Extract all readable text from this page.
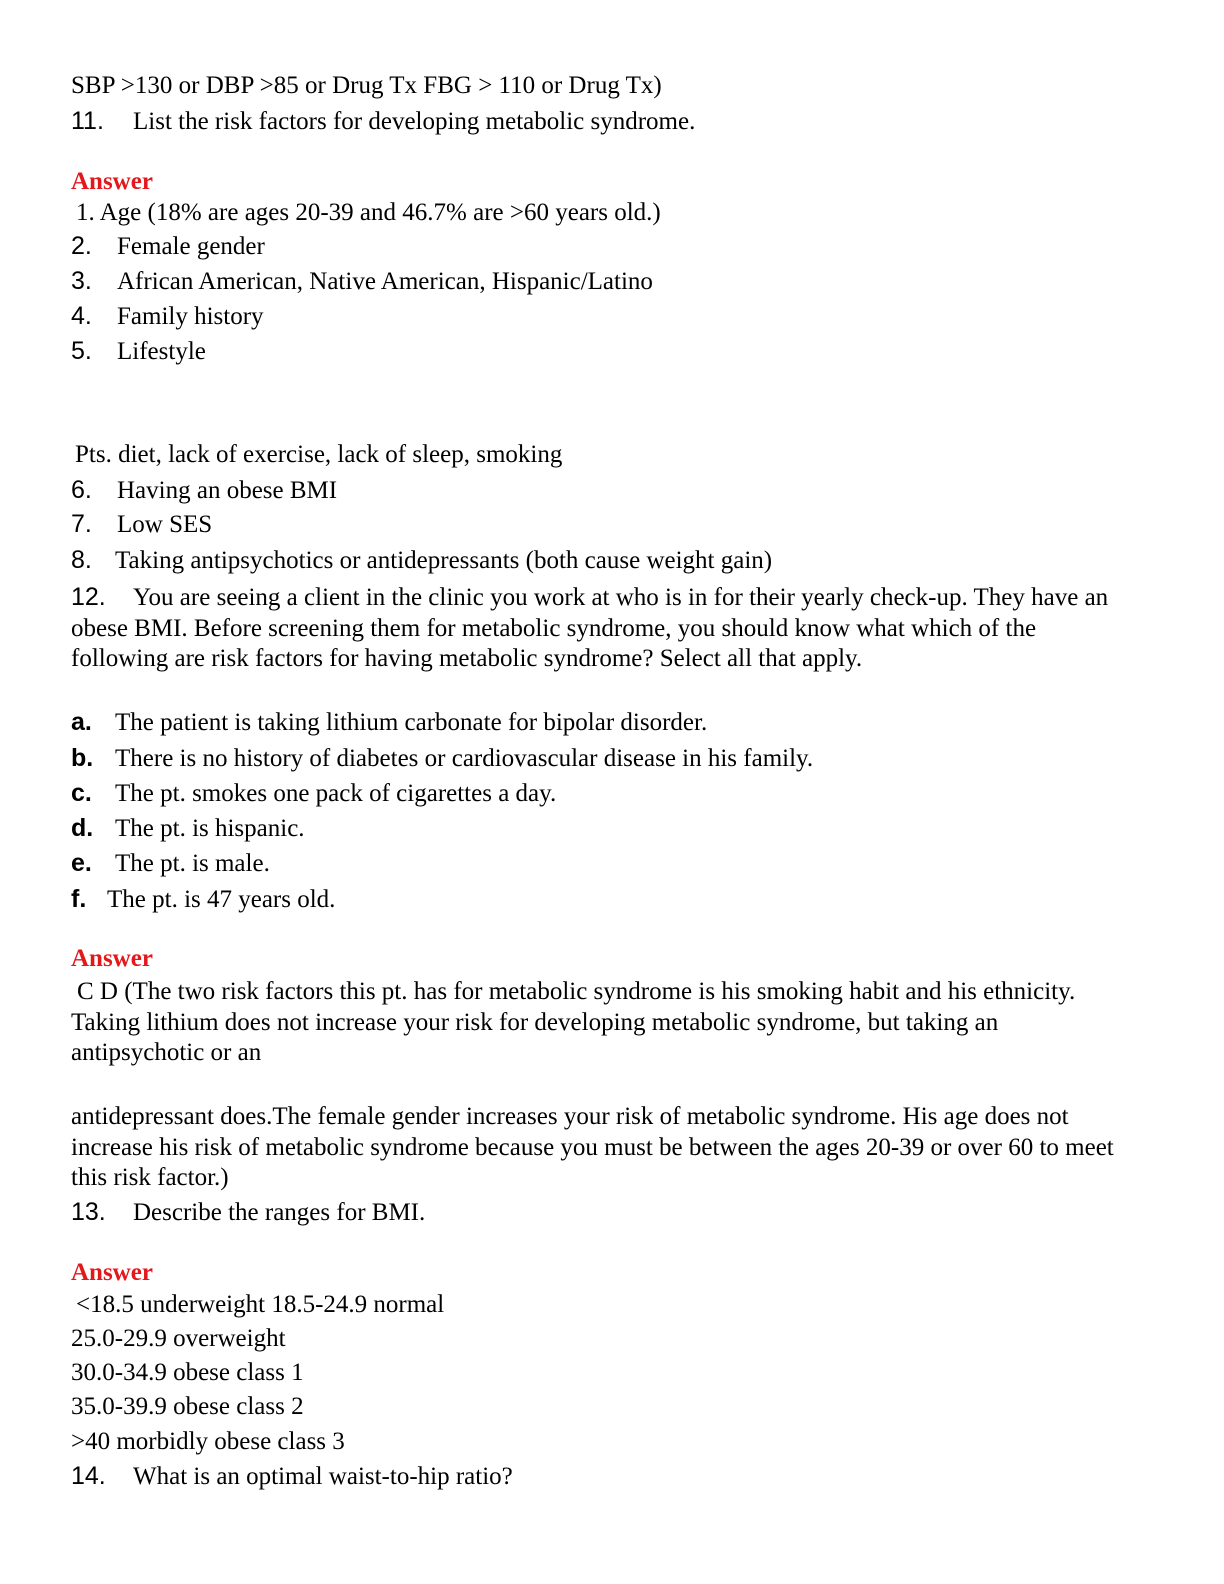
SBP >130 or DBP >85 or Drug Tx FBG > 110 or Drug Tx)
11. List the risk factors for developing metabolic syndrome.
Answer
1. Age (18% are ages 20-39 and 46.7% are >60 years old.)
2. Female gender
3. African American, Native American, Hispanic/Latino
4. Family history
5. Lifestyle
Pts. diet, lack of exercise, lack of sleep, smoking
6. Having an obese BMI
7. Low SES
8. Taking antipsychotics or antidepressants (both cause weight gain)
12. You are seeing a client in the clinic you work at who is in for their yearly check-up. They have an obese BMI. Before screening them for metabolic syndrome, you should know what which of the following are risk factors for having metabolic syndrome? Select all that apply.
a. The patient is taking lithium carbonate for bipolar disorder.
b. There is no history of diabetes or cardiovascular disease in his family.
c. The pt. smokes one pack of cigarettes a day.
d. The pt. is hispanic.
e. The pt. is male.
f. The pt. is 47 years old.
Answer
C D (The two risk factors this pt. has for metabolic syndrome is his smoking habit and his ethnicity. Taking lithium does not increase your risk for developing metabolic syndrome, but taking an antipsychotic or an
antidepressant does.The female gender increases your risk of metabolic syndrome. His age does not increase his risk of metabolic syndrome because you must be between the ages 20-39 or over 60 to meet this risk factor.)
13. Describe the ranges for BMI.
Answer
<18.5 underweight 18.5-24.9 normal
25.0-29.9 overweight
30.0-34.9 obese class 1
35.0-39.9 obese class 2
>40 morbidly obese class 3
14. What is an optimal waist-to-hip ratio?
